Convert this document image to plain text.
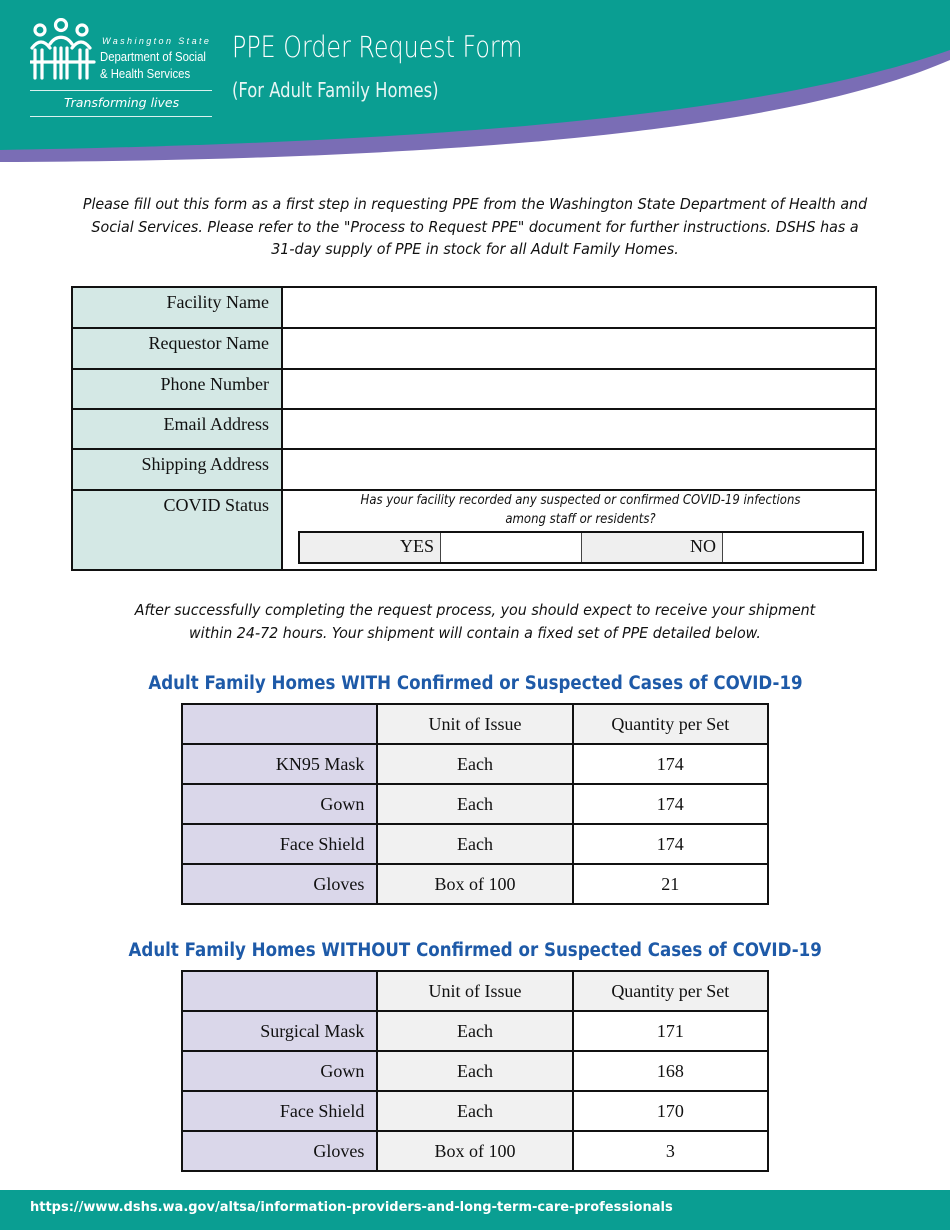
Washington State
Department of Social
& Health Services
Transforming lives
PPE Order Request Form
(For Adult Family Homes)
Please fill out this form as a first step in requesting PPE from the Washington State Department of Health and
Social Services. Please refer to the "Process to Request PPE" document for further instructions. DSHS has a
31-day supply of PPE in stock for all Adult Family Homes.
Facility Name
Requestor Name
Phone Number
Email Address
Shipping Address
COVID Status	Has your facility recorded any suspected or confirmed COVID-19 infections
among staff or residents?
YES	NO
After successfully completing the request process, you should expect to receive your shipment
within 24-72 hours. Your shipment will contain a fixed set of PPE detailed below.
Adult Family Homes WITH Confirmed or Suspected Cases of COVID-19
	Unit of Issue	Quantity per Set
KN95 Mask	Each	174
Gown	Each	174
Face Shield	Each	174
Gloves	Box of 100	21
Adult Family Homes WITHOUT Confirmed or Suspected Cases of COVID-19
	Unit of Issue	Quantity per Set
Surgical Mask	Each	171
Gown	Each	168
Face Shield	Each	170
Gloves	Box of 100	3
https://www.dshs.wa.gov/altsa/information-providers-and-long-term-care-professionals
